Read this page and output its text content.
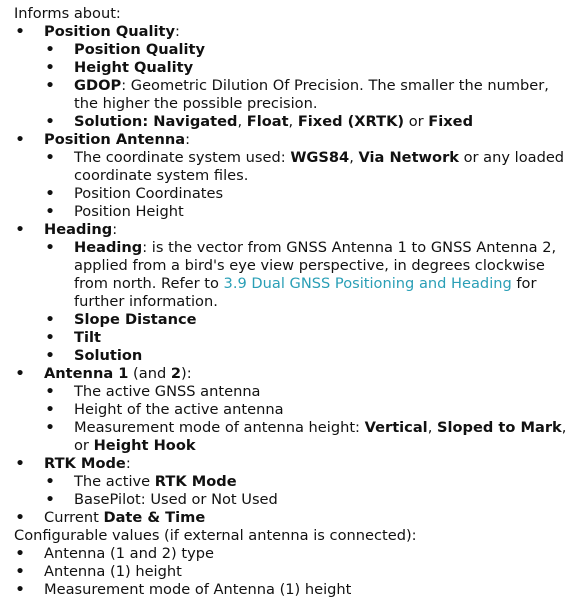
Informs about:

• Position Quality:
• Position Quality
• Height Quality
• GDOP: Geometric Dilution Of Precision. The smaller the number, the higher the possible precision.
• Solution: Navigated, Float, Fixed (XRTK) or Fixed
• Position Antenna:
• The coordinate system used: WGS84, Via Network or any loaded coordinate system files.
• Position Coordinates
• Position Height
• Heading:
• Heading: is the vector from GNSS Antenna 1 to GNSS Antenna 2, applied from a bird's eye view perspective, in degrees clockwise from north. Refer to 3.9 Dual GNSS Positioning and Heading for further information.
• Slope Distance
• Tilt
• Solution
• Antenna 1 (and 2):
• The active GNSS antenna
• Height of the active antenna
• Measurement mode of antenna height: Vertical, Sloped to Mark, or Height Hook
• RTK Mode:
• The active RTK Mode
• BasePilot: Used or Not Used
• Current Date & Time

Configurable values (if external antenna is connected):

• Antenna (1 and 2) type
• Antenna (1) height
• Measurement mode of Antenna (1) height
